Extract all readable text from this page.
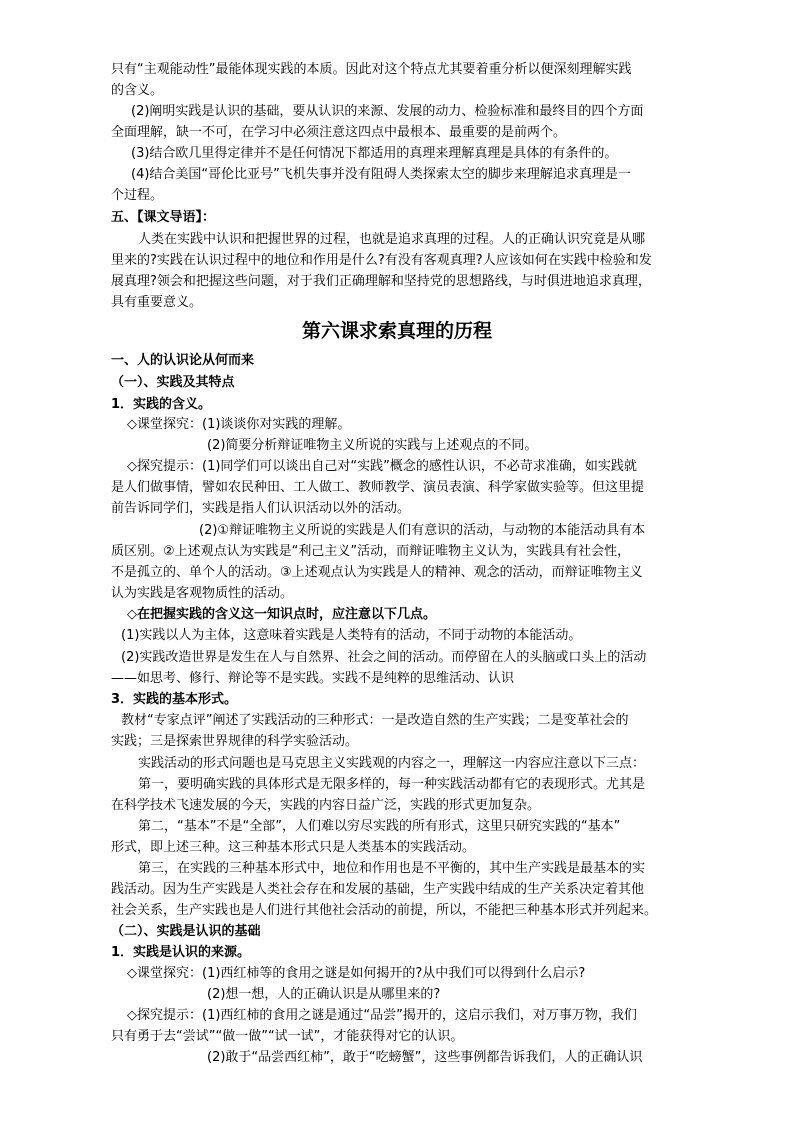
只有“主观能动性”最能体现实践的本质。因此对这个特点尤其要着重分析以便深刻理解实践
的含义。
(2)阐明实践是认识的基础，要从认识的来源、发展的动力、检验标准和最终目的四个方面
全面理解，缺一不可，在学习中必须注意这四点中最根本、最重要的是前两个。
(3)结合欧几里得定律并不是任何情况下都适用的真理来理解真理是具体的有条件的。
(4)结合美国“哥伦比亚号”飞机失事并没有阻碍人类探索太空的脚步来理解追求真理是一
个过程。
五、【课文导语】：
人类在实践中认识和把握世界的过程，也就是追求真理的过程。人的正确认识究竟是从哪
里来的?实践在认识过程中的地位和作用是什么?有没有客观真理?人应该如何在实践中检验和发
展真理?领会和把握这些问题，对于我们正确理解和坚持党的思想路线，与时俱进地追求真理，
具有重要意义。
第六课求索真理的历程
一、人的认识论从何而来
（一）、实践及其特点
1．实践的含义。
◇课堂探究：(1)谈谈你对实践的理解。
(2)简要分析辩证唯物主义所说的实践与上述观点的不同。
◇探究提示：(1)同学们可以谈出自己对“实践”概念的感性认识，不必苛求准确，如实践就
是人们做事情，譬如农民种田、工人做工、教师教学、演员表演、科学家做实验等。但这里提
前告诉同学们，实践是指人们认识活动以外的活动。
(2)①辩证唯物主义所说的实践是人们有意识的活动，与动物的本能活动具有本
质区别。②上述观点认为实践是“利己主义”活动，而辩证唯物主义认为，实践具有社会性，
不是孤立的、单个人的活动。③上述观点认为实践是人的精神、观念的活动，而辩证唯物主义
认为实践是客观物质性的活动。
◇在把握实践的含义这一知识点时，应注意以下几点。
(1)实践以人为主体，这意味着实践是人类特有的活动，不同于动物的本能活动。
(2)实践改造世界是发生在人与自然界、社会之间的活动。而停留在人的头脑或口头上的活动
——如思考、修行、辩论等不是实践。实践不是纯粹的思维活动、认识
3．实践的基本形式。
教材“专家点评”阐述了实践活动的三种形式：一是改造自然的生产实践；二是变革社会的
实践；三是探索世界规律的科学实验活动。
实践活动的形式问题也是马克思主义实践观的内容之一，理解这一内容应注意以下三点：
第一，要明确实践的具体形式是无限多样的，每一种实践活动都有它的表现形式。尤其是
在科学技术飞速发展的今天，实践的内容日益广泛，实践的形式更加复杂。
第二，“基本”不是“全部”，人们难以穷尽实践的所有形式，这里只研究实践的“基本”
形式，即上述三种。这三种基本形式只是人类基本的实践活动。
第三，在实践的三种基本形式中，地位和作用也是不平衡的，其中生产实践是最基本的实
践活动。因为生产实践是人类社会存在和发展的基础，生产实践中结成的生产关系决定着其他
社会关系，生产实践也是人们进行其他社会活动的前提，所以，不能把三种基本形式并列起来。
（二）、实践是认识的基础
1．实践是认识的来源。
◇课堂探究：(1)西红柿等的食用之谜是如何揭开的?从中我们可以得到什么启示?
(2)想一想，人的正确认识是从哪里来的?
◇探究提示：(1)西红柿的食用之谜是通过“品尝”揭开的，这启示我们，对万事万物，我们
只有勇于去“尝试”“做一做”“试一试”，才能获得对它的认识。
(2)敢于“品尝西红柿”，敢于“吃螃蟹”，这些事例都告诉我们，人的正确认识
